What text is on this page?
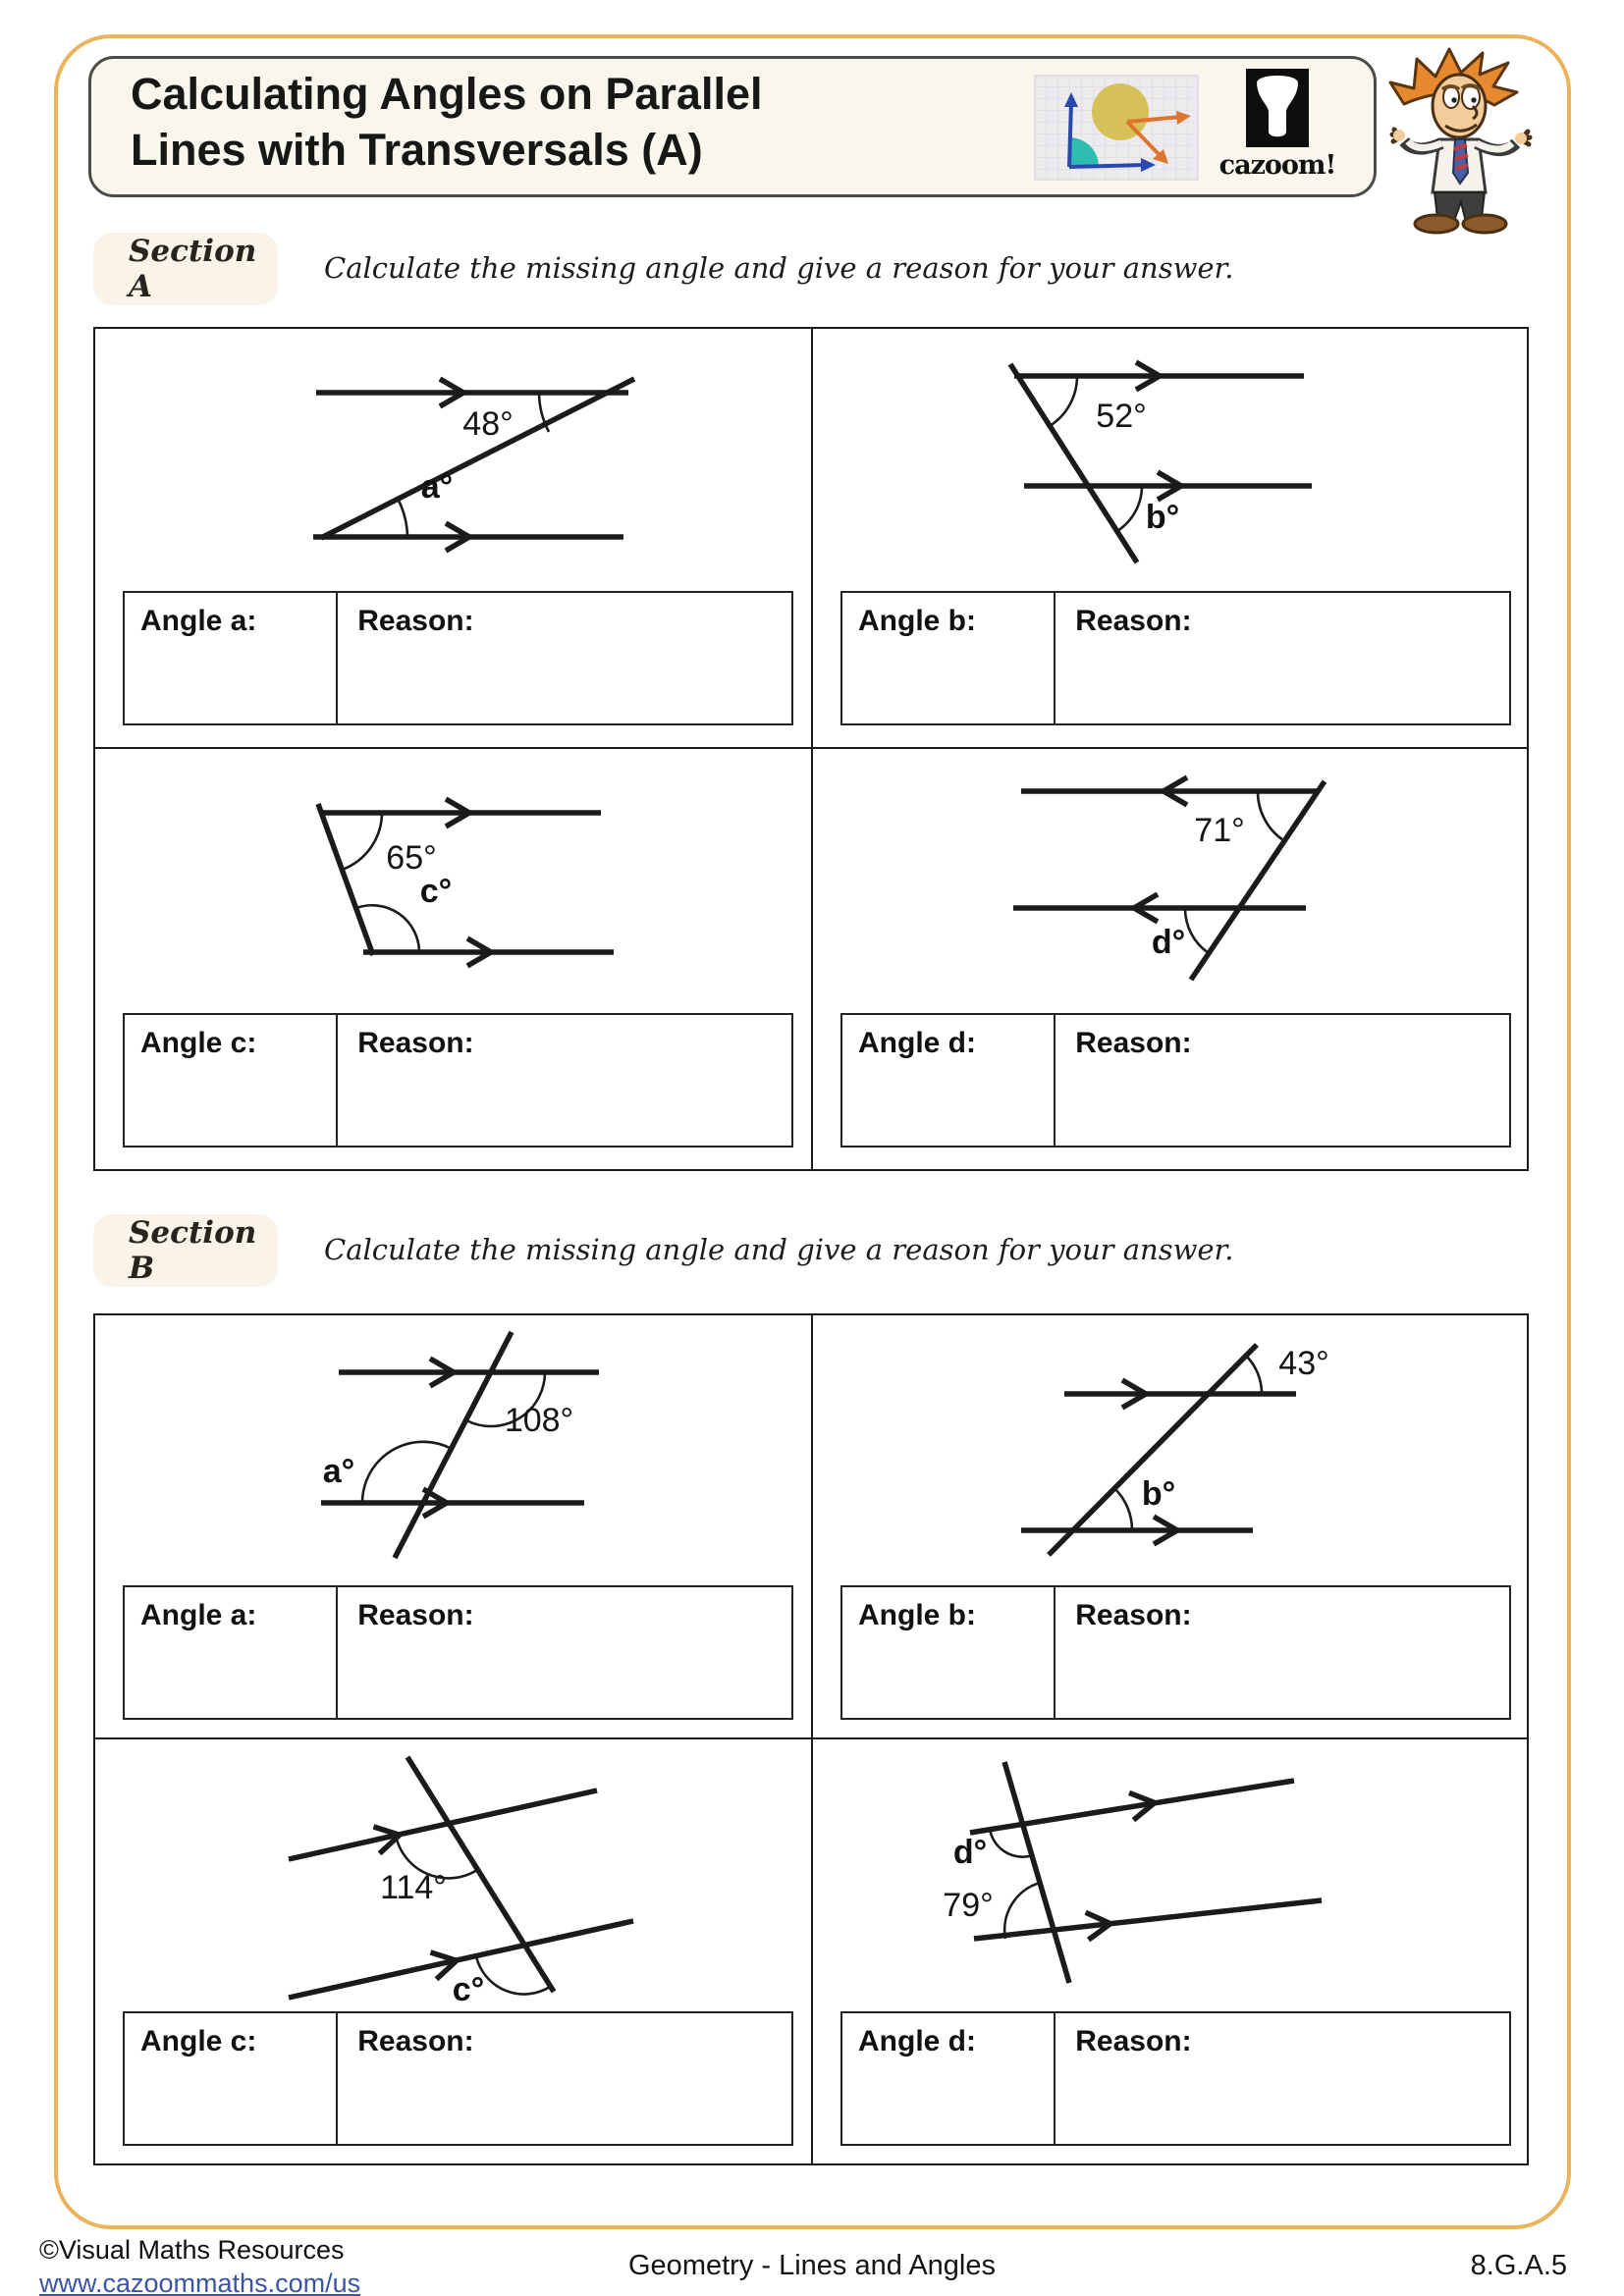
Calculating Angles on Parallel
Lines with Transversals (A)	cazoom!
Section A
Calculate the missing angle and give a reason for your answer.
48°
a°
Angle a:	Reason:
52°
b°
Angle b:	Reason:
65°
c°
Angle c:	Reason:
71°
d°
Angle d:	Reason:
Section B
Calculate the missing angle and give a reason for your answer.
108°
a°
Angle a:	Reason:
43°
b°
Angle b:	Reason:
114°
c°
Angle c:	Reason:
d°
79°
Angle d:	Reason:
©Visual Maths Resources
www.cazoommaths.com/us
Geometry - Lines and Angles	8.G.A.5
